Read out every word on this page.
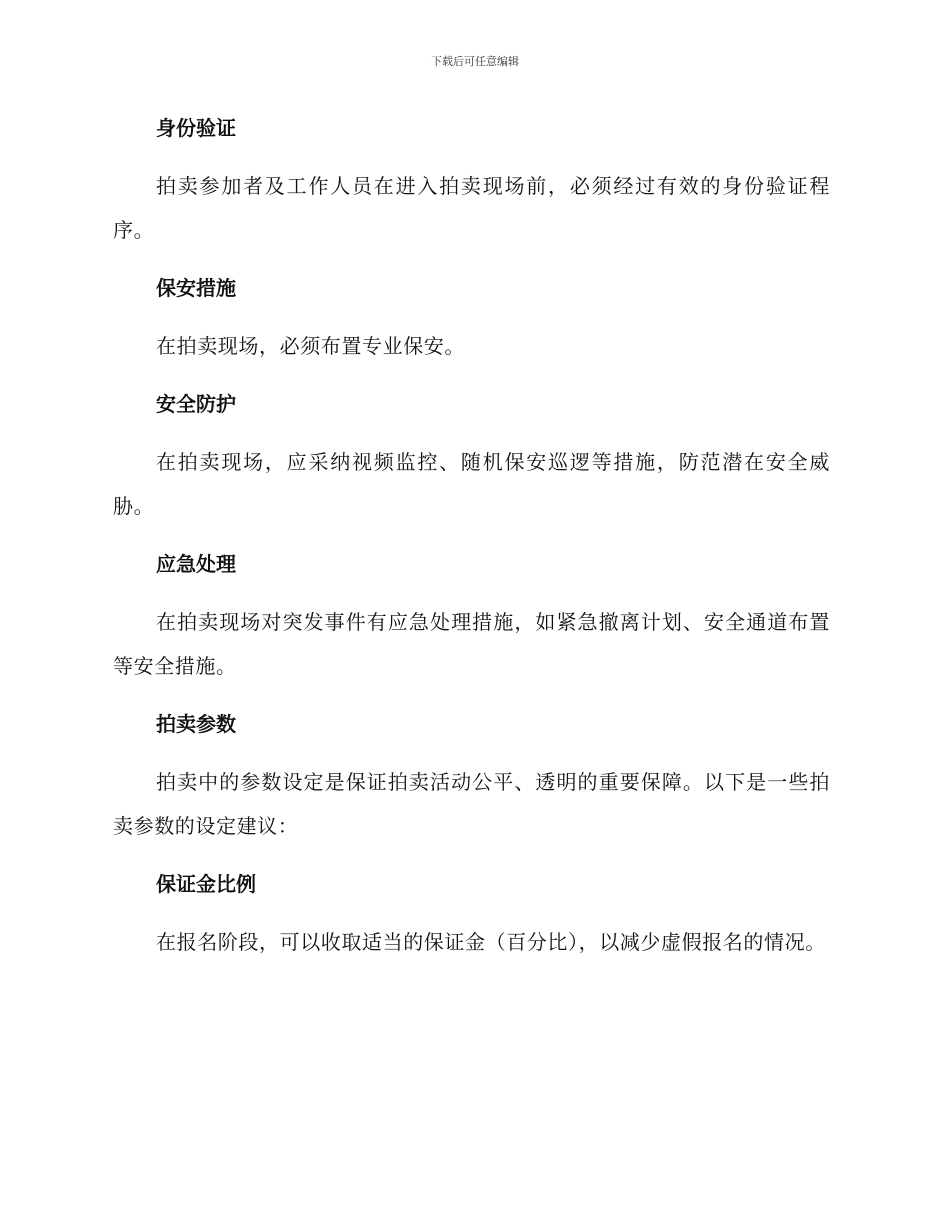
下载后可任意编辑
身份验证

拍卖参加者及工作人员在进入拍卖现场前，必须经过有效的身份验证程序。

保安措施

在拍卖现场，必须布置专业保安。

安全防护

在拍卖现场，应采纳视频监控、随机保安巡逻等措施，防范潜在安全威胁。

应急处理

在拍卖现场对突发事件有应急处理措施，如紧急撤离计划、安全通道布置等安全措施。

拍卖参数

拍卖中的参数设定是保证拍卖活动公平、透明的重要保障。以下是一些拍卖参数的设定建议：

保证金比例

在报名阶段，可以收取适当的保证金（百分比），以减少虚假报名的情况。
